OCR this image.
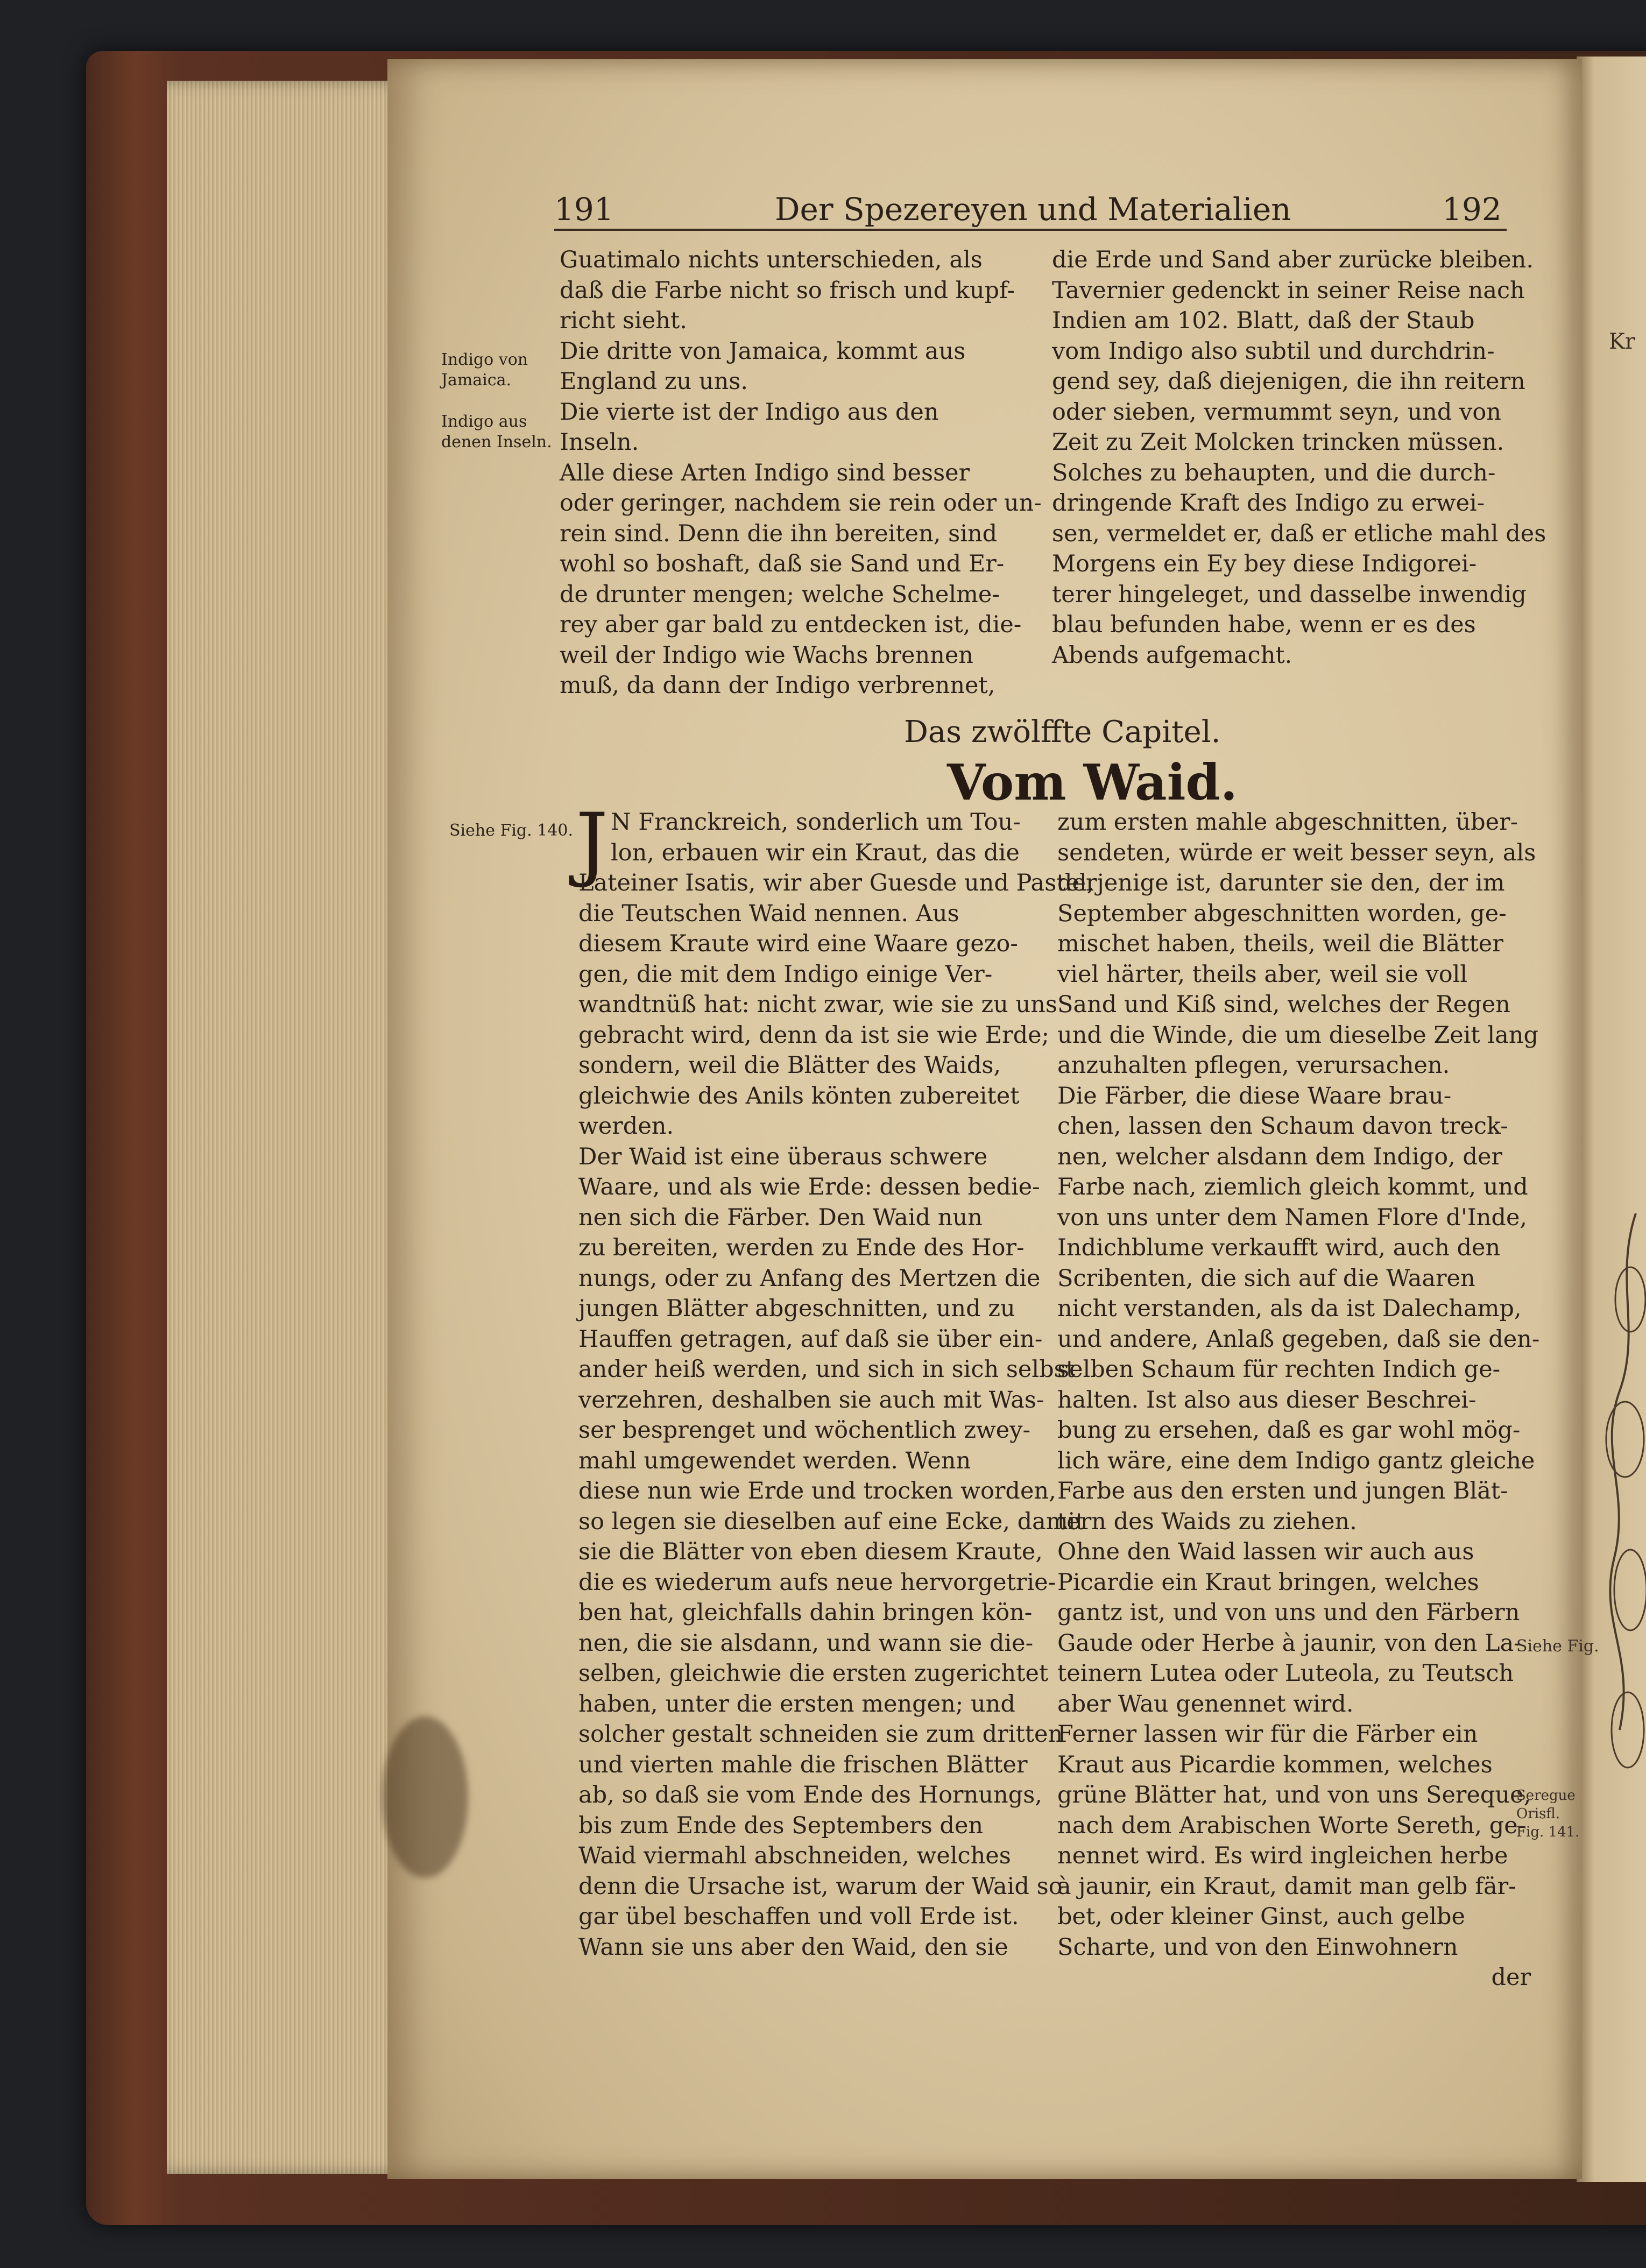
Kr
191	Der Spezereyen und Materialien	192
Indigo von
Jamaica.
Indigo aus
denen Inseln.
Guatimalo nichts unterschieden, als
daß die Farbe nicht so frisch und kupf-
richt sieht.
Die dritte von Jamaica, kommt aus
England zu uns.
Die vierte ist der Indigo aus den
Inseln.
Alle diese Arten Indigo sind besser
oder geringer, nachdem sie rein oder un-
rein sind. Denn die ihn bereiten, sind
wohl so boshaft, daß sie Sand und Er-
de drunter mengen; welche Schelme-
rey aber gar bald zu entdecken ist, die-
weil der Indigo wie Wachs brennen
muß, da dann der Indigo verbrennet,
die Erde und Sand aber zurücke bleiben.
Tavernier gedenckt in seiner Reise nach
Indien am 102. Blatt, daß der Staub
vom Indigo also subtil und durchdrin-
gend sey, daß diejenigen, die ihn reitern
oder sieben, vermummt seyn, und von
Zeit zu Zeit Molcken trincken müssen.
Solches zu behaupten, und die durch-
dringende Kraft des Indigo zu erwei-
sen, vermeldet er, daß er etliche mahl des
Morgens ein Ey bey diese Indigorei-
terer hingeleget, und dasselbe inwendig
blau befunden habe, wenn er es des
Abends aufgemacht.
Das zwölffte Capitel.
Vom Waid.
Siehe Fig. 140. J N Franckreich, sonderlich um Tou-
lon, erbauen wir ein Kraut, das die
Lateiner Isatis, wir aber Guesde und Pastel,
die Teutschen Waid nennen. Aus
diesem Kraute wird eine Waare gezo-
gen, die mit dem Indigo einige Ver-
wandtnüß hat: nicht zwar, wie sie zu uns
gebracht wird, denn da ist sie wie Erde;
sondern, weil die Blätter des Waids,
gleichwie des Anils könten zubereitet
werden.
Der Waid ist eine überaus schwere
Waare, und als wie Erde: dessen bedie-
nen sich die Färber. Den Waid nun
zu bereiten, werden zu Ende des Hor-
nungs, oder zu Anfang des Mertzen die
jungen Blätter abgeschnitten, und zu
Hauffen getragen, auf daß sie über ein-
ander heiß werden, und sich in sich selbst
verzehren, deshalben sie auch mit Was-
ser besprenget und wöchentlich zwey-
mahl umgewendet werden. Wenn
diese nun wie Erde und trocken worden,
so legen sie dieselben auf eine Ecke, damit
sie die Blätter von eben diesem Kraute,
die es wiederum aufs neue hervorgetrie-
ben hat, gleichfalls dahin bringen kön-
nen, die sie alsdann, und wann sie die-
selben, gleichwie die ersten zugerichtet
haben, unter die ersten mengen; und
solcher gestalt schneiden sie zum dritten
und vierten mahle die frischen Blätter
ab, so daß sie vom Ende des Hornungs,
bis zum Ende des Septembers den
Waid viermahl abschneiden, welches
denn die Ursache ist, warum der Waid so
gar übel beschaffen und voll Erde ist.
Wann sie uns aber den Waid, den sie
zum ersten mahle abgeschnitten, über-
sendeten, würde er weit besser seyn, als
derjenige ist, darunter sie den, der im
September abgeschnitten worden, ge-
mischet haben, theils, weil die Blätter
viel härter, theils aber, weil sie voll
Sand und Kiß sind, welches der Regen
und die Winde, die um dieselbe Zeit lang
anzuhalten pflegen, verursachen.
Die Färber, die diese Waare brau-
chen, lassen den Schaum davon treck-
nen, welcher alsdann dem Indigo, der
Farbe nach, ziemlich gleich kommt, und
von uns unter dem Namen Flore d'Inde,
Indichblume verkaufft wird, auch den
Scribenten, die sich auf die Waaren
nicht verstanden, als da ist Dalechamp,
und andere, Anlaß gegeben, daß sie den-
selben Schaum für rechten Indich ge-
halten. Ist also aus dieser Beschrei-
bung zu ersehen, daß es gar wohl mög-
lich wäre, eine dem Indigo gantz gleiche
Farbe aus den ersten und jungen Blät-
tern des Waids zu ziehen.
Ohne den Waid lassen wir auch aus
Picardie ein Kraut bringen, welches
gantz ist, und von uns und den Färbern
Gaude oder Herbe à jaunir, von den La-
teinern Lutea oder Luteola, zu Teutsch
aber Wau genennet wird.
Ferner lassen wir für die Färber ein
Kraut aus Picardie kommen, welches
grüne Blätter hat, und von uns Sereque,
nach dem Arabischen Worte Sereth, ge-
nennet wird. Es wird ingleichen herbe
à jaunir, ein Kraut, damit man gelb fär-
bet, oder kleiner Ginst, auch gelbe
Scharte, und von den Einwohnern
der
Siehe Fig.
Seregue
Orisfl.
Fig. 141.
